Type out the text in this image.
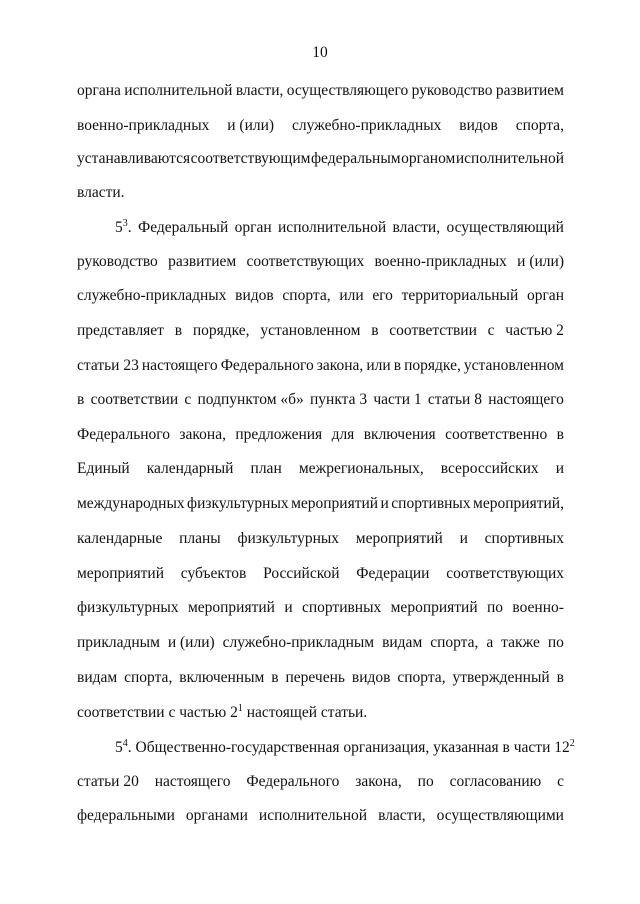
10
органа исполнительной власти, осуществляющего руководство развитием
военно-прикладных и (или) служебно-прикладных видов спорта,
устанавливаются соответствующим федеральным органом исполнительной
власти.
$5^3$. Федеральный орган исполнительной власти, осуществляющий
руководство развитием соответствующих военно-прикладных и (или)
служебно-прикладных видов спорта, или его территориальный орган
представляет в порядке, установленном в соответствии с частью 2
статьи 23 настоящего Федерального закона, или в порядке, установленном
в соответствии с подпунктом «б» пункта 3 части 1 статьи 8 настоящего
Федерального закона, предложения для включения соответственно в
Единый календарный план межрегиональных, всероссийских и
международных физкультурных мероприятий и спортивных мероприятий,
календарные планы физкультурных мероприятий и спортивных
мероприятий субъектов Российской Федерации соответствующих
физкультурных мероприятий и спортивных мероприятий по военно-
прикладным и (или) служебно-прикладным видам спорта, а также по
видам спорта, включенным в перечень видов спорта, утвержденный в
соответствии с частью $2^1$ настоящей статьи.
$5^4$. Общественно-государственная организация, указанная в части $12^2$
статьи 20 настоящего Федерального закона, по согласованию с
федеральными органами исполнительной власти, осуществляющими
